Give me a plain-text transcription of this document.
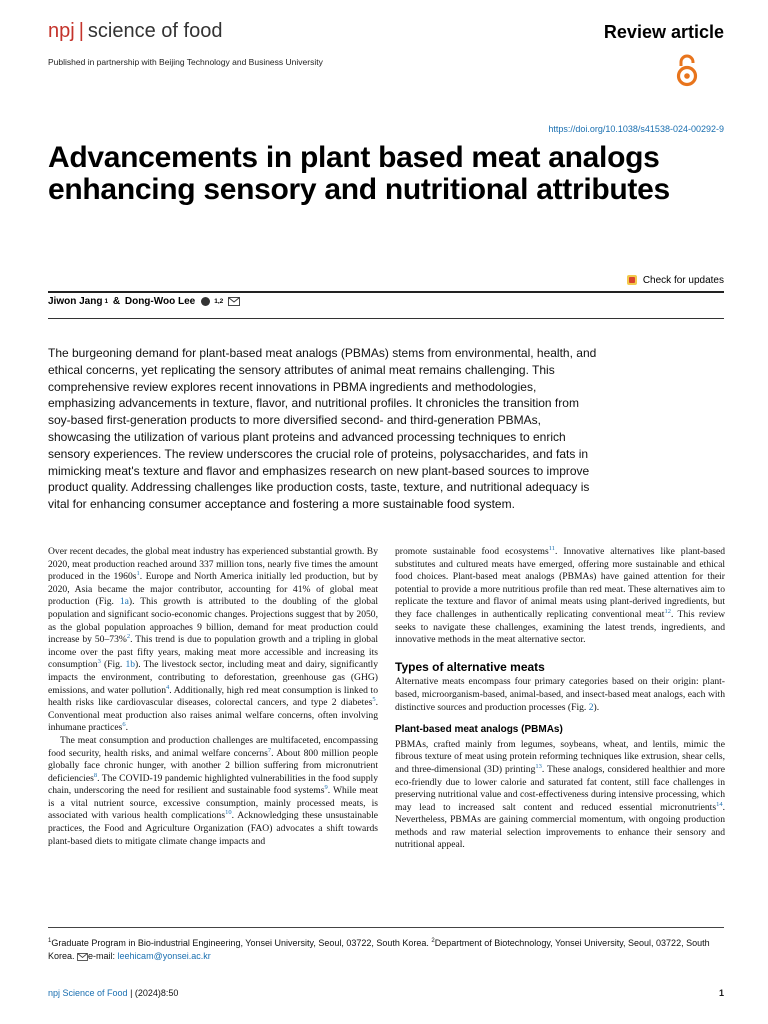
npj | science of food	Review article
Published in partnership with Beijing Technology and Business University
https://doi.org/10.1038/s41538-024-00292-9
Advancements in plant based meat analogs enhancing sensory and nutritional attributes
Check for updates
Jiwon Jang 1 & Dong-Woo Lee	1,2

The burgeoning demand for plant-based meat analogs (PBMAs) stems from environmental, health, and ethical concerns, yet replicating the sensory attributes of animal meat remains challenging. This comprehensive review explores recent innovations in PBMA ingredients and methodologies, emphasizing advancements in texture, flavor, and nutritional profiles. It chronicles the transition from soy-based first-generation products to more diversified second- and third-generation PBMAs, showcasing the utilization of various plant proteins and advanced processing techniques to enrich sensory experiences. The review underscores the crucial role of proteins, polysaccharides, and fats in mimicking meat's texture and flavor and emphasizes research on new plant-based sources to improve product quality. Addressing challenges like production costs, taste, texture, and nutritional adequacy is vital for enhancing consumer acceptance and fostering a more sustainable food system.

Over recent decades, the global meat industry has experienced substantial growth. By 2020, meat production reached around 337 million tons, nearly five times the amount produced in the 1960s$^1$. Europe and North America initially led production, but by 2020, Asia became the major contributor, accounting for 41% of global meat production (Fig. 1a). This growth is attributed to the doubling of the global population and significant socio-economic changes. Projections suggest that by 2050, as the global population approaches 9 billion, demand for meat production could increase by 50–73%$^2$. This trend is due to population growth and a tripling in global income over the past fifty years, making meat more accessible and increasing its consumption$^3$ (Fig. 1b). The livestock sector, including meat and dairy, significantly impacts the environment, contributing to deforestation, greenhouse gas (GHG) emissions, and water pollution$^4$. Additionally, high red meat consumption is linked to health risks like cardiovascular diseases, colorectal cancers, and type 2 diabetes$^5$. Conventional meat production also raises animal welfare concerns, often involving inhumane practices$^6$.

The meat consumption and production challenges are multifaceted, encompassing food security, health risks, and animal welfare concerns$^7$. About 800 million people globally face chronic hunger, with another 2 billion suffering from micronutrient deficiencies$^8$. The COVID-19 pandemic highlighted vulnerabilities in the food supply chain, underscoring the need for resilient and sustainable food systems$^9$. While meat is a vital nutrient source, excessive consumption, mainly processed meats, is associated with various health complications$^{10}$. Acknowledging these unsustainable practices, the Food and Agriculture Organization (FAO) advocates a shift towards plant-based diets to mitigate climate change impacts and

promote sustainable food ecosystems$^{11}$. Innovative alternatives like plant-based substitutes and cultured meats have emerged, offering more sustainable and ethical food choices. Plant-based meat analogs (PBMAs) have gained attention for their potential to provide a more nutritious profile than red meat. These alternatives aim to replicate the texture and flavor of animal meats using plant-derived ingredients, but they face challenges in authentically replicating conventional meat$^{12}$. This review seeks to navigate these challenges, examining the latest trends, ingredients, and innovative methods in the meat alternative sector.

Types of alternative meats

Alternative meats encompass four primary categories based on their origin: plant-based, microorganism-based, animal-based, and insect-based meat analogs, each with distinctive sources and production processes (Fig. 2).

Plant-based meat analogs (PBMAs)

PBMAs, crafted mainly from legumes, soybeans, wheat, and lentils, mimic the fibrous texture of meat using protein reforming techniques like extrusion, shear cells, and three-dimensional (3D) printing$^{13}$. These analogs, considered healthier and more eco-friendly due to lower calorie and saturated fat content, still face challenges in preserving nutritional value and cost-effectiveness during intensive processing, which may lead to increased salt content and reduced essential micronutrients$^{14}$. Nevertheless, PBMAs are gaining commercial momentum, with ongoing production methods and raw material selection improvements to enhance their sensory and nutritional appeal.

$^1$Graduate Program in Bio-industrial Engineering, Yonsei University, Seoul, 03722, South Korea. $^2$Department of Biotechnology, Yonsei University, Seoul, 03722, South Korea. e-mail: leehicam@yonsei.ac.kr
npj Science of Food | (2024)8:50	1
